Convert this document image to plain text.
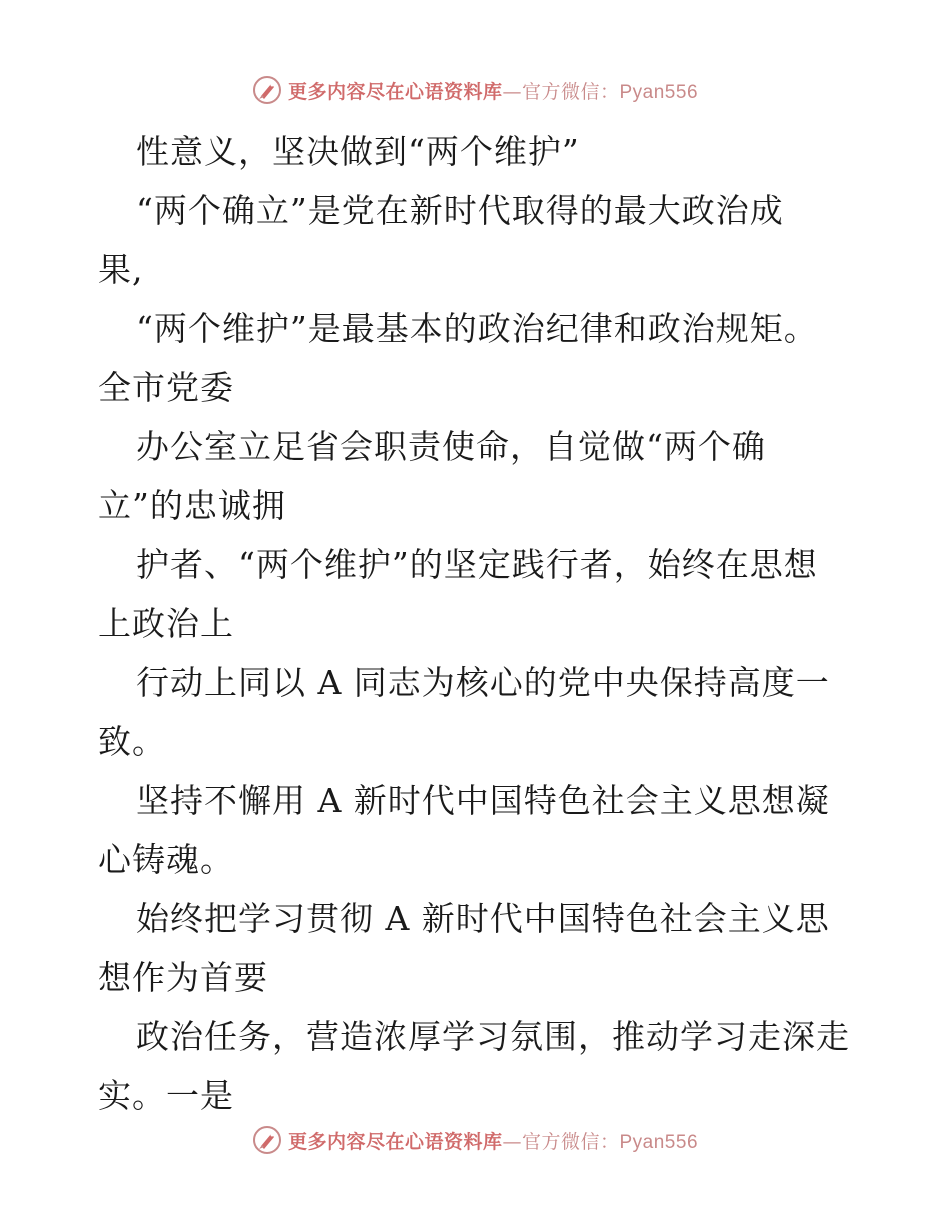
更多内容尽在心语资料库—官方微信：Pyan556
性意义，坚决做到“两个维护”
“两个确立”是党在新时代取得的最大政治成
果,
“两个维护”是最基本的政治纪律和政治规矩。
全市党委
办公室立足省会职责使命，自觉做“两个确
立”的忠诚拥
护者、“两个维护”的坚定践行者，始终在思想
上政治上
行动上同以 A 同志为核心的党中央保持高度一
致。
坚持不懈用 A 新时代中国特色社会主义思想凝
心铸魂。
始终把学习贯彻 A 新时代中国特色社会主义思
想作为首要
政治任务，营造浓厚学习氛围，推动学习走深走
实。一是
更多内容尽在心语资料库—官方微信：Pyan556
